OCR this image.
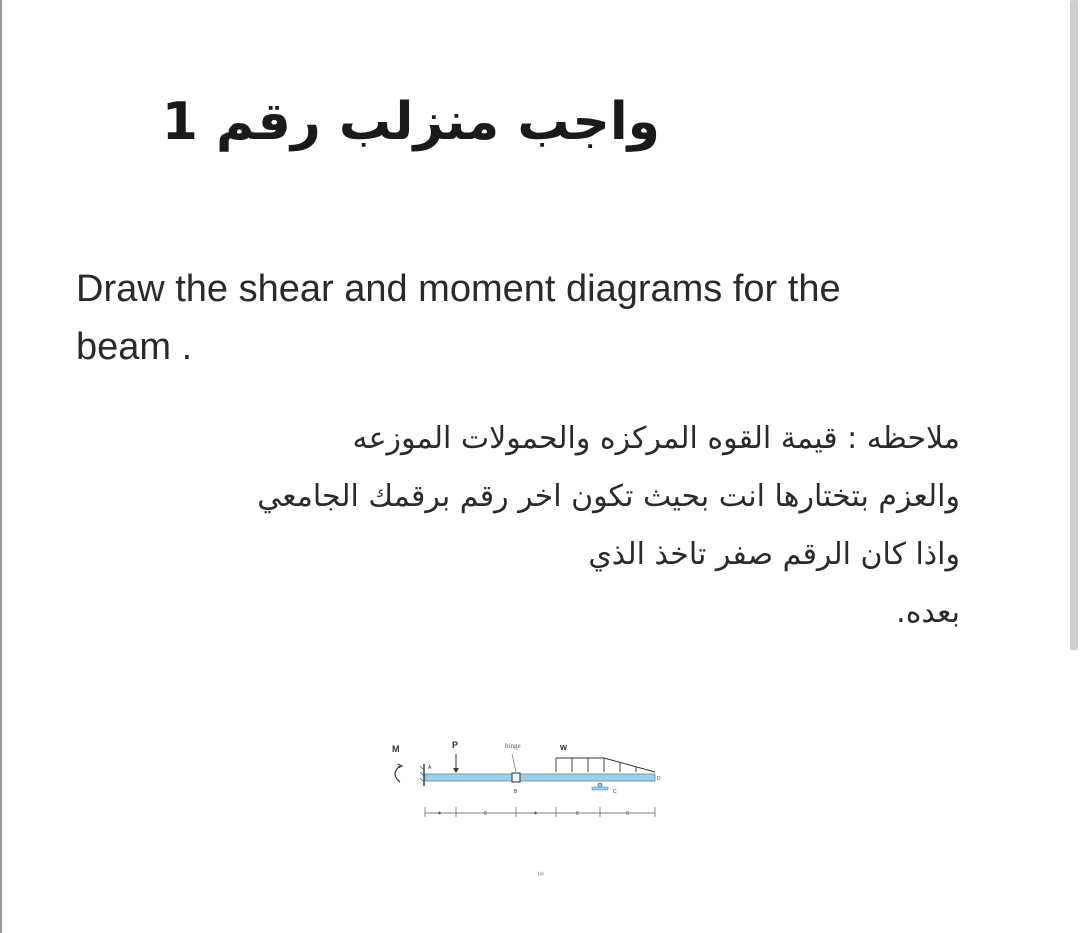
واجب منزلب رقم 1
Draw the shear and moment diagrams for the
beam .
ملاحظه : قيمة القوه المركزه والحمولات الموزعه
والعزم بتختارها انت بحيث تكون اخر رقم برقمك الجامعي
واذا كان الرقم صفر تاخذ الذي
بعده.
M	P	hinge	w
A
B	C
D
4	6	4	6	6
(a)
